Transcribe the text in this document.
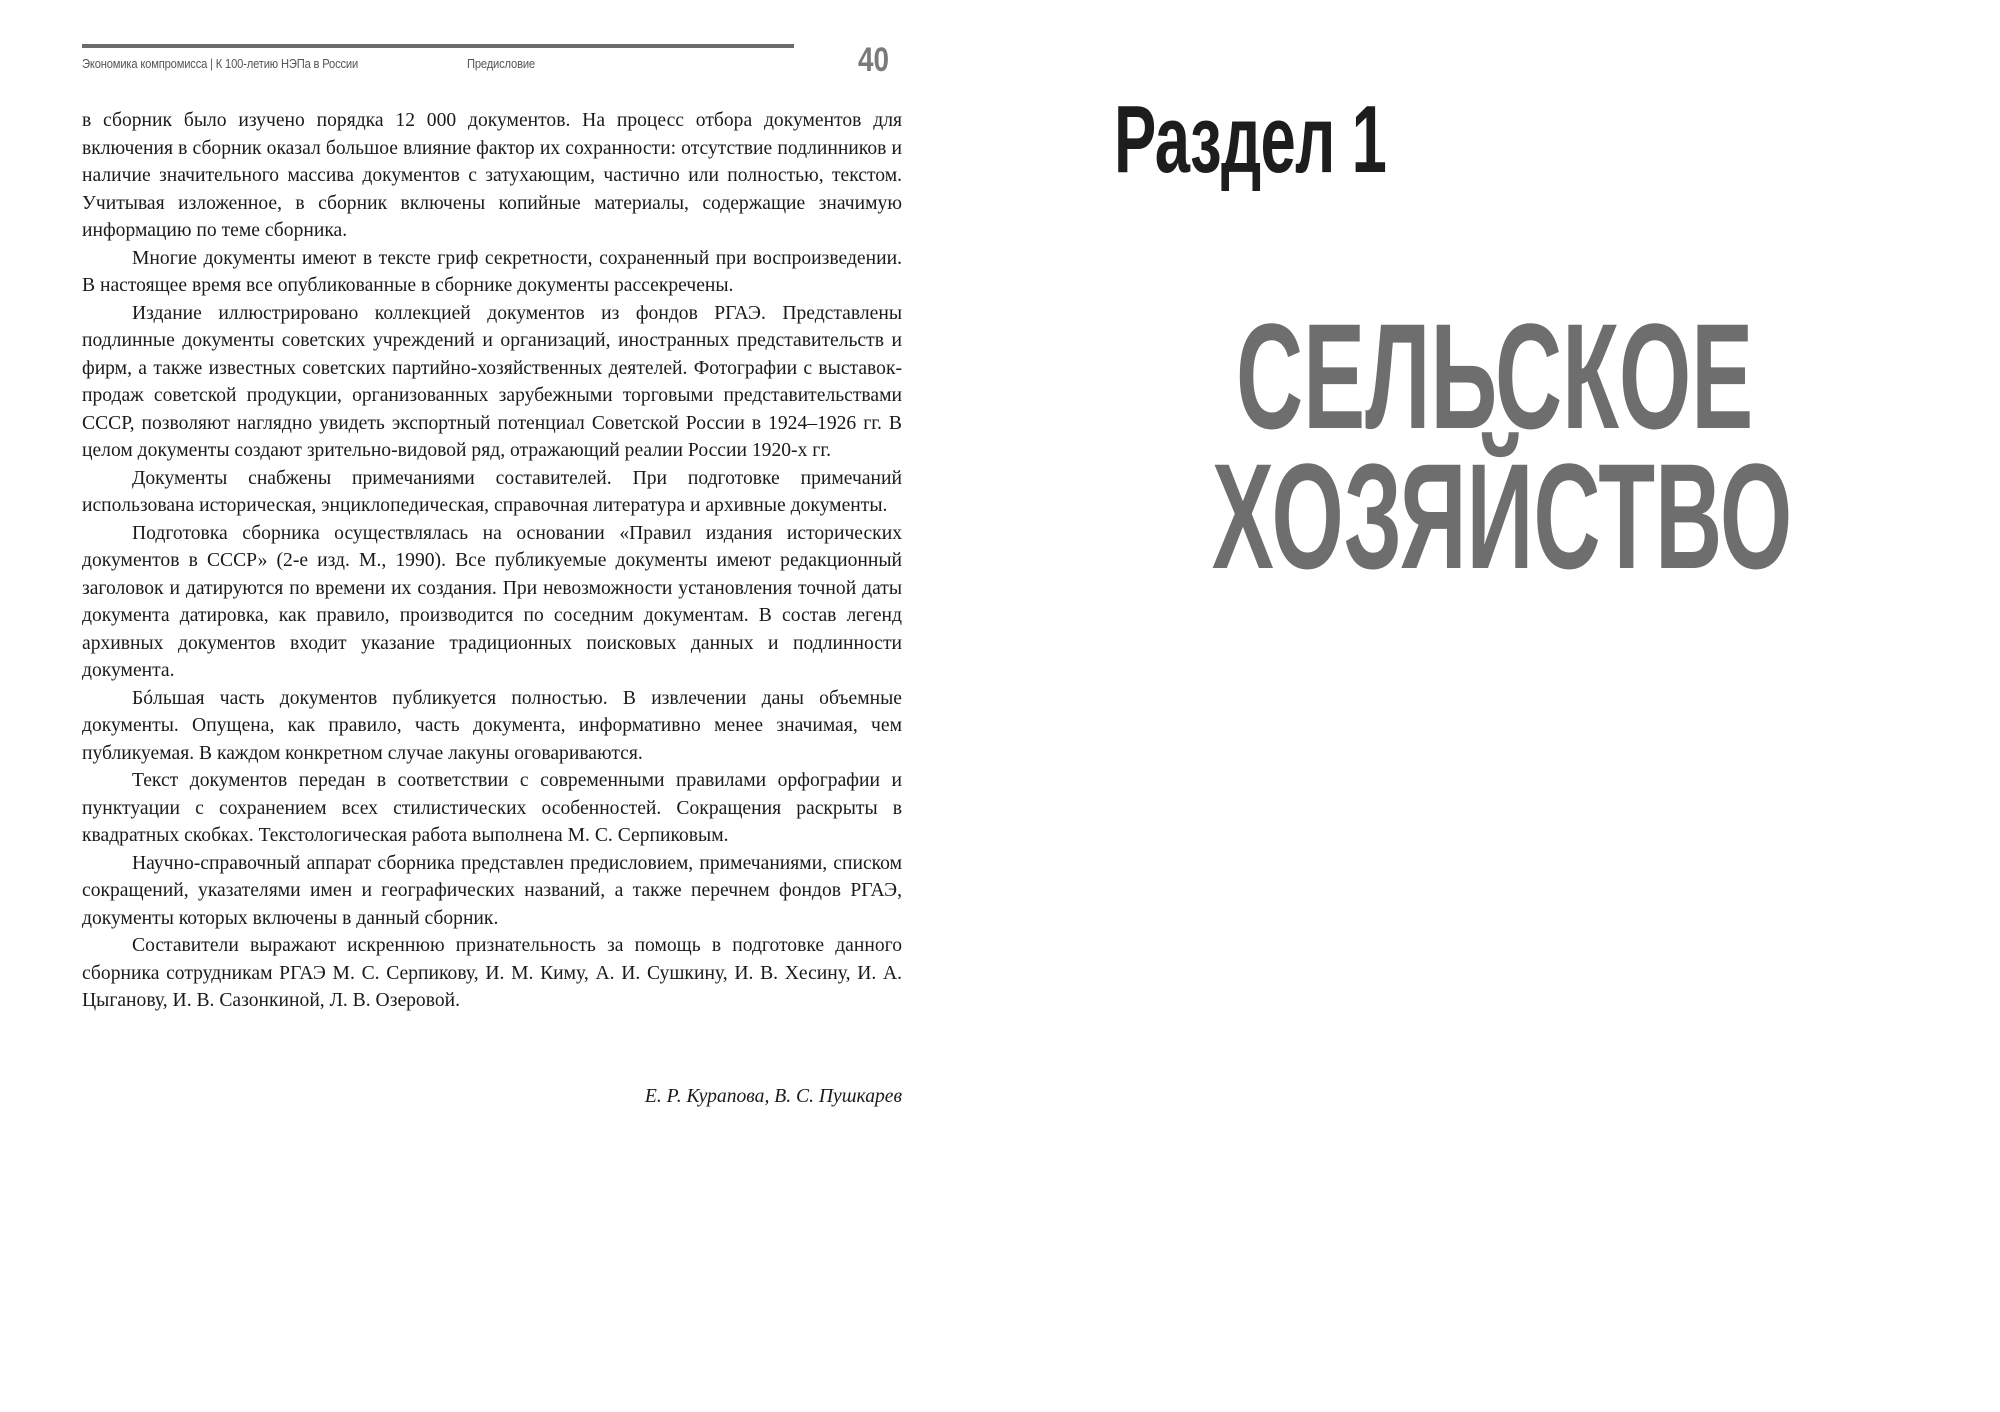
Экономика компромисса | К 100-летию НЭПа в России	Предисловие	40

в сборник было изучено порядка 12 000 документов. На процесс отбора документов для включения в сборник оказал большое влияние фактор их сохранности: отсутствие подлинников и наличие значительного массива документов с затухающим, частично или полностью, текстом. Учитывая изложенное, в сборник включены копийные материалы, содержащие значимую информацию по теме сборника.

Многие документы имеют в тексте гриф секретности, сохраненный при воспроизведении. В настоящее время все опубликованные в сборнике документы рассекречены.

Издание иллюстрировано коллекцией документов из фондов РГАЭ. Представлены подлинные документы советских учреждений и организаций, иностранных представительств и фирм, а также известных советских партийно-хозяйственных деятелей. Фотографии с выставок-продаж советской продукции, организованных зарубежными торговыми представительствами СССР, позволяют наглядно увидеть экспортный потенциал Советской России в 1924–1926 гг. В целом документы создают зрительно-видовой ряд, отражающий реалии России 1920-х гг.

Документы снабжены примечаниями составителей. При подготовке примечаний использована историческая, энциклопедическая, справочная литература и архивные документы.

Подготовка сборника осуществлялась на основании «Правил издания исторических документов в СССР» (2-е изд. М., 1990). Все публикуемые документы имеют редакционный заголовок и датируются по времени их создания. При невозможности установления точной даты документа датировка, как правило, производится по соседним документам. В состав легенд архивных документов входит указание традиционных поисковых данных и подлинности документа.

Бóльшая часть документов публикуется полностью. В извлечении даны объемные документы. Опущена, как правило, часть документа, информативно менее значимая, чем публикуемая. В каждом конкретном случае лакуны оговариваются.

Текст документов передан в соответствии с современными правилами орфографии и пунктуации с сохранением всех стилистических особенностей. Сокращения раскрыты в квадратных скобках. Текстологическая работа выполнена М. С. Серпиковым.

Научно-справочный аппарат сборника представлен предисловием, примечаниями, списком сокращений, указателями имен и географических названий, а также перечнем фондов РГАЭ, документы которых включены в данный сборник.

Составители выражают искреннюю признательность за помощь в подготовке данного сборника сотрудникам РГАЭ М. С. Серпикову, И. М. Киму, А. И. Сушкину, И. В. Хесину, И. А. Цыганову, И. В. Сазонкиной, Л. В. Озеровой.

Е. Р. Курапова, В. С. Пушкарев
Раздел 1
СЕЛЬСКОЕ
ХОЗЯЙСТВО
